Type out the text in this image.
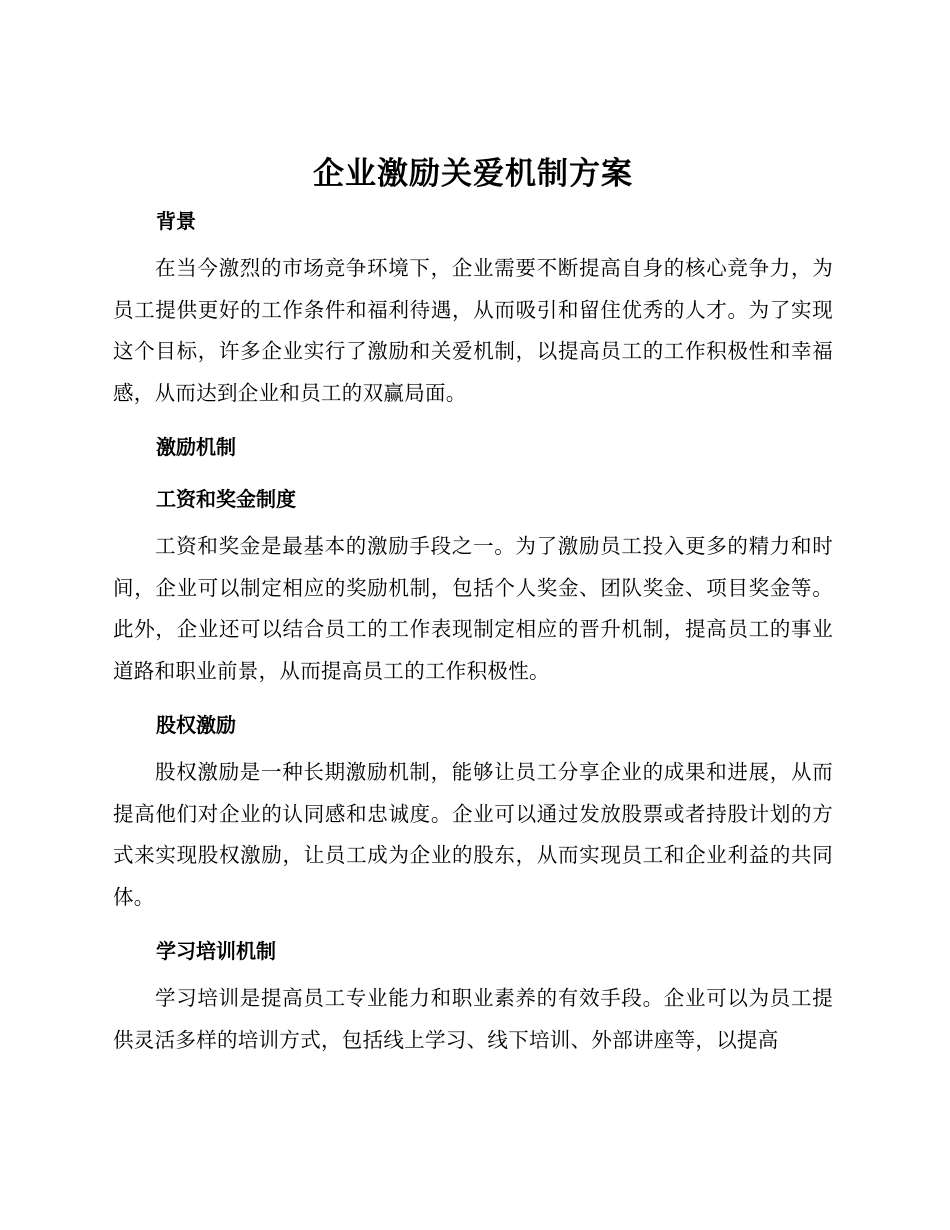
企业激励关爱机制方案
背景

在当今激烈的市场竞争环境下，企业需要不断提高自身的核心竞争力，为员工提供更好的工作条件和福利待遇，从而吸引和留住优秀的人才。为了实现这个目标，许多企业实行了激励和关爱机制，以提高员工的工作积极性和幸福感，从而达到企业和员工的双赢局面。

激励机制
工资和奖金制度

工资和奖金是最基本的激励手段之一。为了激励员工投入更多的精力和时间，企业可以制定相应的奖励机制，包括个人奖金、团队奖金、项目奖金等。此外，企业还可以结合员工的工作表现制定相应的晋升机制，提高员工的事业道路和职业前景，从而提高员工的工作积极性。

股权激励

股权激励是一种长期激励机制，能够让员工分享企业的成果和进展，从而提高他们对企业的认同感和忠诚度。企业可以通过发放股票或者持股计划的方式来实现股权激励，让员工成为企业的股东，从而实现员工和企业利益的共同体。

学习培训机制

学习培训是提高员工专业能力和职业素养的有效手段。企业可以为员工提供灵活多样的培训方式，包括线上学习、线下培训、外部讲座等，以提高
